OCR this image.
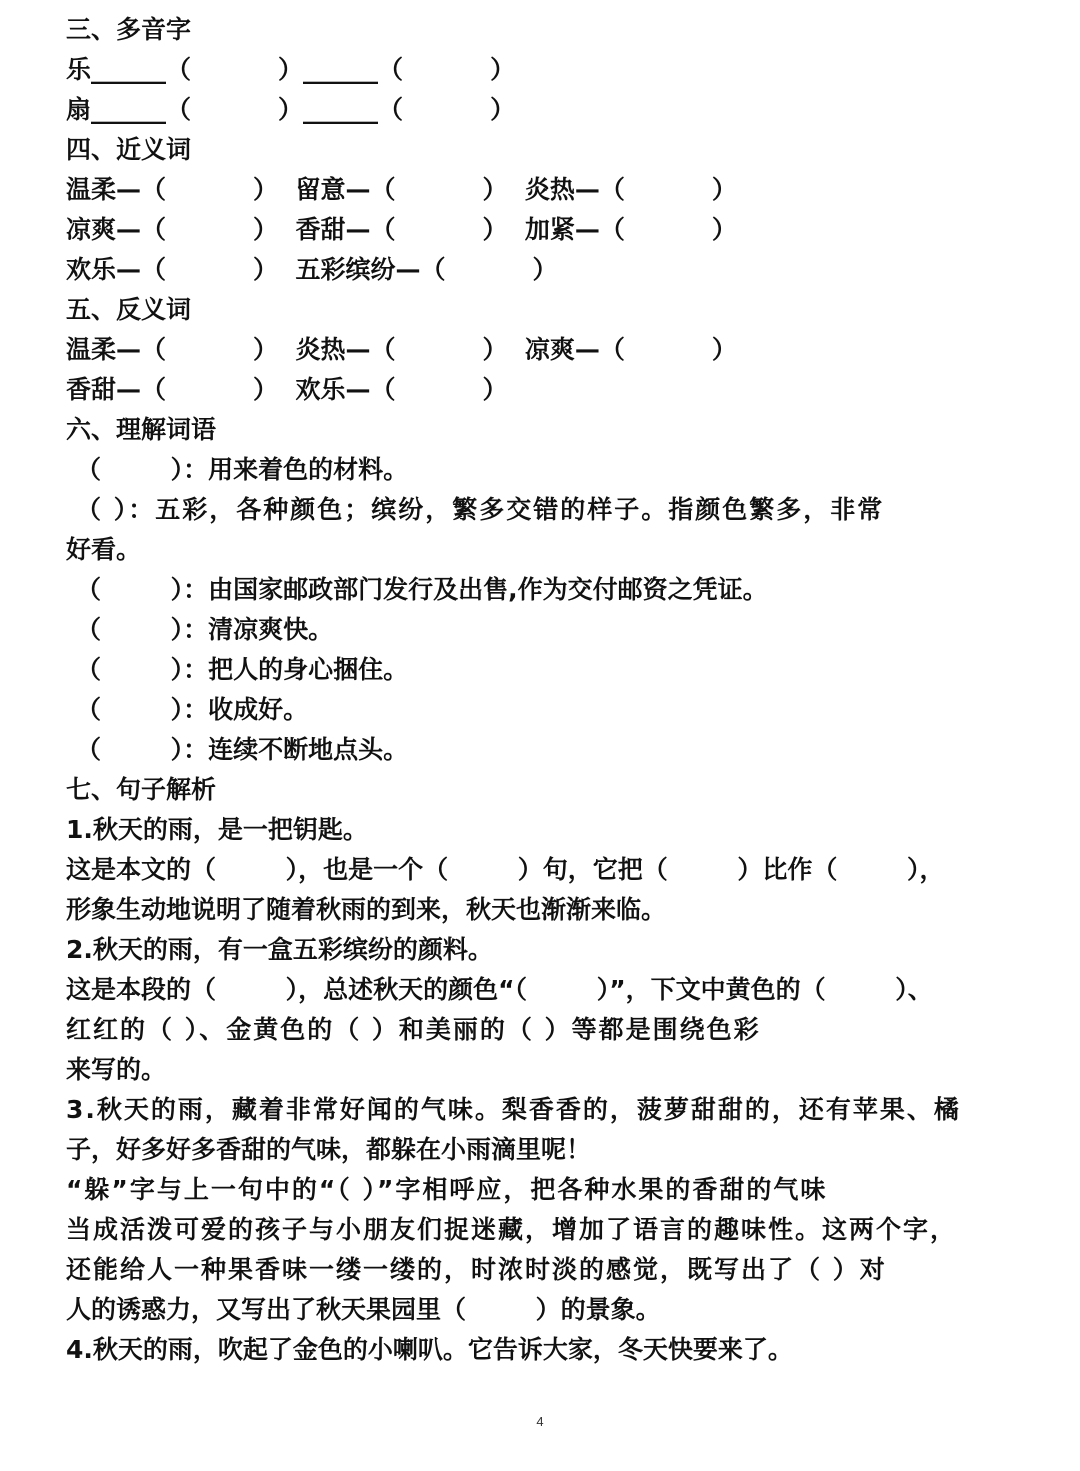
三、多音字
乐______（          ）______（          ）
扇______（          ）______（          ）
四、近义词
温柔—（          ）  留意—（          ）  炎热—（          ）
凉爽—（          ）  香甜—（          ）  加紧—（          ）
欢乐—（          ）  五彩缤纷—（          ）
五、反义词
温柔—（          ）  炎热—（          ）  凉爽—（          ）
香甜—（          ）  欢乐—（          ）
六、理解词语
（        ）：用来着色的材料。
（ ）：五彩，各种颜色；缤纷，繁多交错的样子。指颜色繁多，非常
好看。
（        ）：由国家邮政部门发行及出售,作为交付邮资之凭证。
（        ）：清凉爽快。
（        ）：把人的身心捆住。
（        ）：收成好。
（        ）：连续不断地点头。
七、句子解析
1.秋天的雨，是一把钥匙。
这是本文的（        ），也是一个（        ）句，它把（        ）比作（        ），
形象生动地说明了随着秋雨的到来，秋天也渐渐来临。
2.秋天的雨，有一盒五彩缤纷的颜料。
这是本段的（        ），总述秋天的颜色“（        ）”，下文中黄色的（        ）、
红红的（ ）、金黄色的（ ）和美丽的（ ）等都是围绕色彩
来写的。
3.秋天的雨，藏着非常好闻的气味。梨香香的，菠萝甜甜的，还有苹果、橘
子，好多好多香甜的气味，都躲在小雨滴里呢！
“躲”字与上一句中的“（ ）”字相呼应，把各种水果的香甜的气味
当成活泼可爱的孩子与小朋友们捉迷藏，增加了语言的趣味性。这两个字，
还能给人一种果香味一缕一缕的，时浓时淡的感觉，既写出了（ ）对
人的诱惑力，又写出了秋天果园里（        ）的景象。
4.秋天的雨，吹起了金色的小喇叭。它告诉大家，冬天快要来了。
4
